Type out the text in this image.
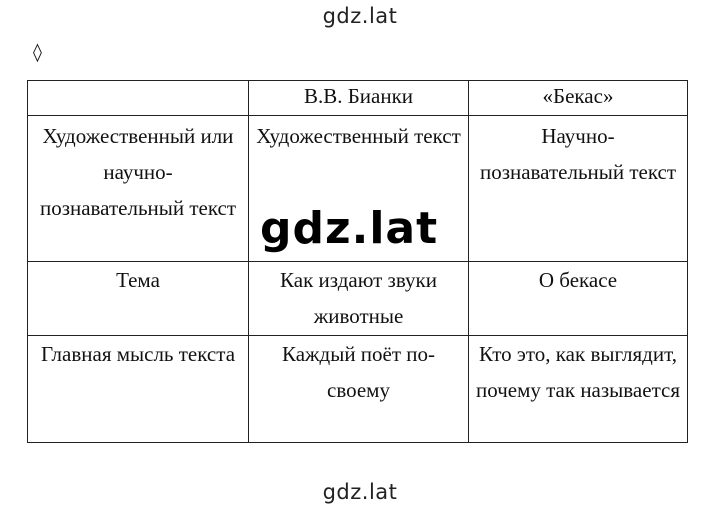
gdz.lat
◊
	В.В. Бианки	«Бекас»
Художественный или научно-познавательный текст	Художественный текст	Научно-познавательный текст
Тема	Как издают звуки животные	О бекасе
Главная мысль текста	Каждый поёт по-своему	Кто это, как выглядит, почему так называется
gdz.lat
gdz.lat
